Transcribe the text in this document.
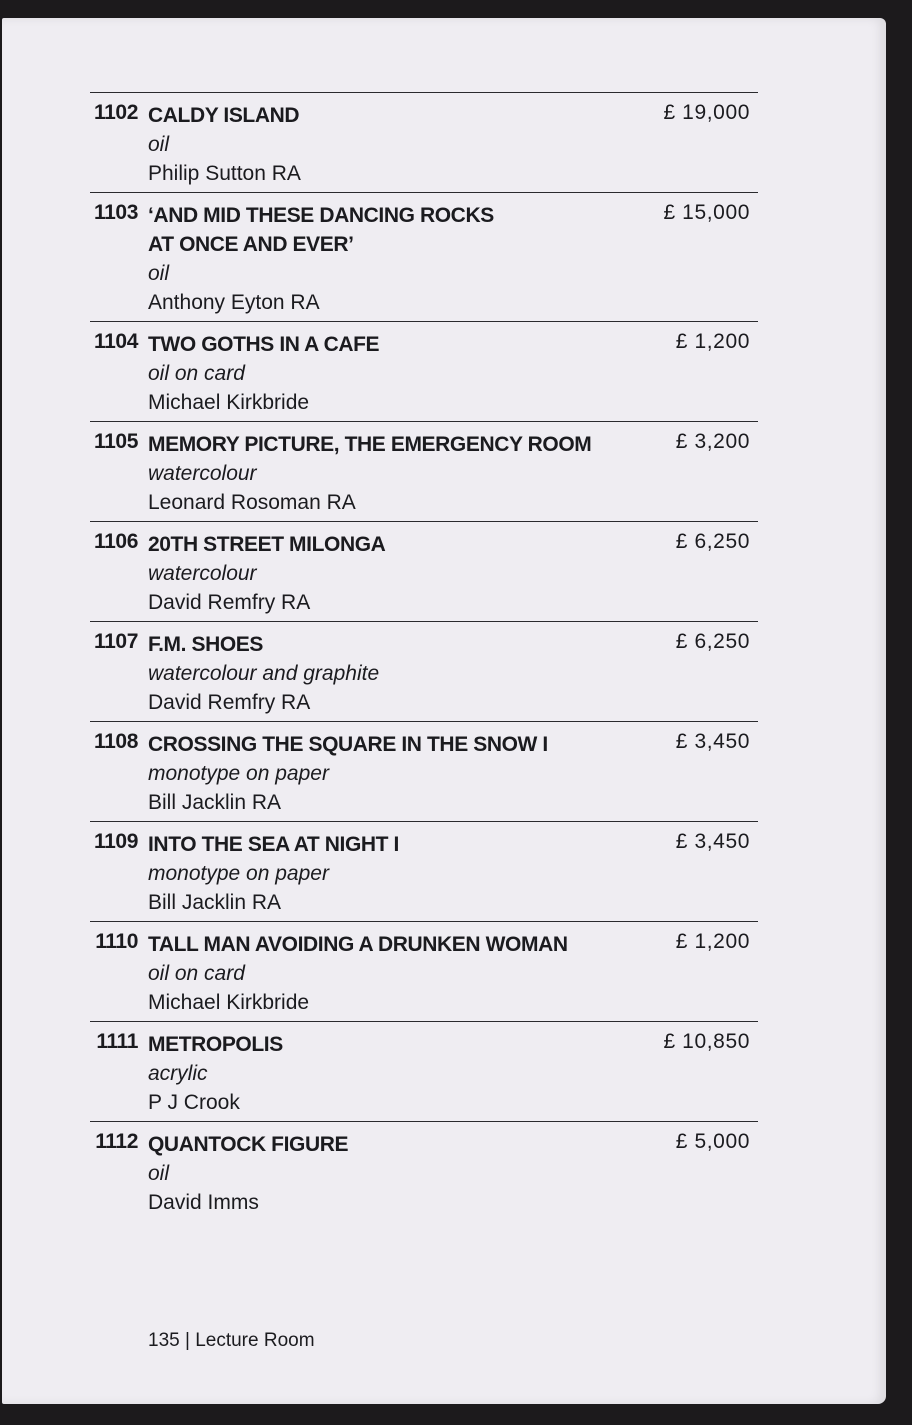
1102 CALDY ISLAND
oil
Philip Sutton RA
£ 19,000
1103 ‘AND MID THESE DANCING ROCKS AT ONCE AND EVER’
oil
Anthony Eyton RA
£ 15,000
1104 TWO GOTHS IN A CAFE
oil on card
Michael Kirkbride
£ 1,200
1105 MEMORY PICTURE, THE EMERGENCY ROOM
watercolour
Leonard Rosoman RA
£ 3,200
1106 20TH STREET MILONGA
watercolour
David Remfry RA
£ 6,250
1107 F.M. SHOES
watercolour and graphite
David Remfry RA
£ 6,250
1108 CROSSING THE SQUARE IN THE SNOW I
monotype on paper
Bill Jacklin RA
£ 3,450
1109 INTO THE SEA AT NIGHT I
monotype on paper
Bill Jacklin RA
£ 3,450
1110 TALL MAN AVOIDING A DRUNKEN WOMAN
oil on card
Michael Kirkbride
£ 1,200
1111 METROPOLIS
acrylic
P J Crook
£ 10,850
1112 QUANTOCK FIGURE
oil
David Imms
£ 5,000
135 | Lecture Room
